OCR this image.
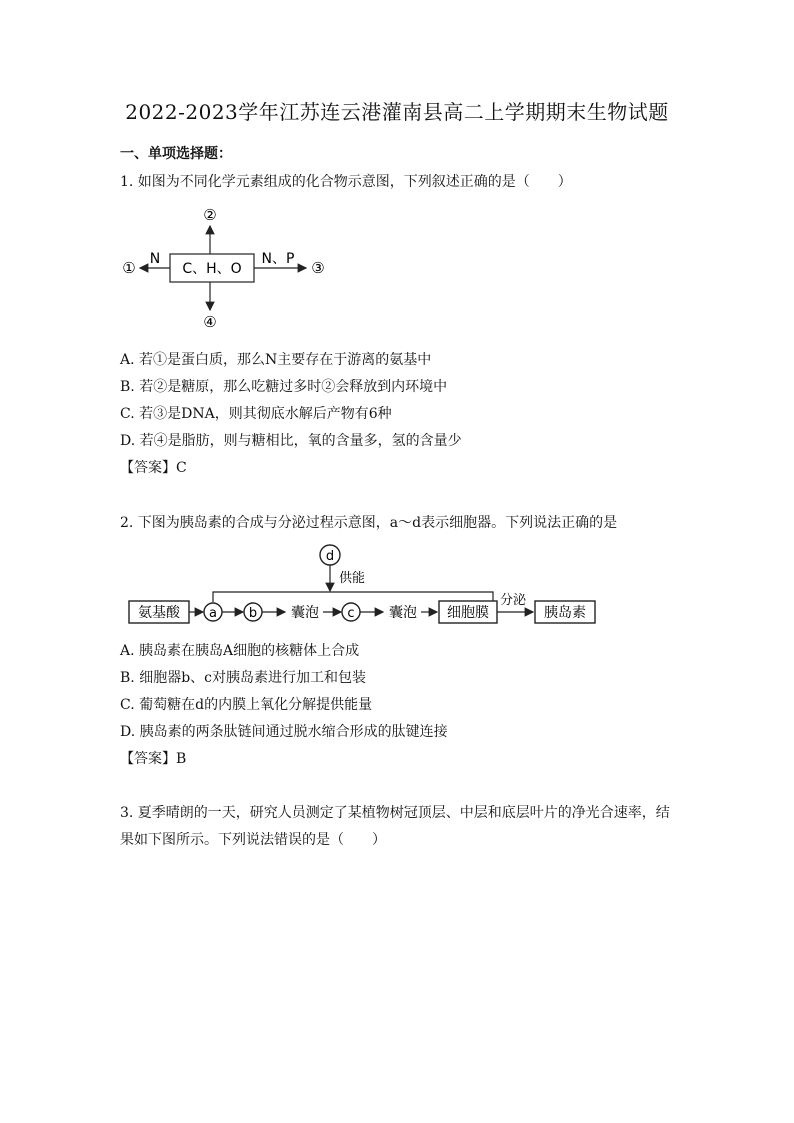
2022-2023学年江苏连云港灌南县高二上学期期末生物试题
一、单项选择题：
1. 如图为不同化学元素组成的化合物示意图，下列叙述正确的是（　　）
C、H、O
②
④
N
①	N、P ③
A. 若①是蛋白质，那么N主要存在于游离的氨基中
B. 若②是糖原，那么吃糖过多时②会释放到内环境中
C. 若③是DNA，则其彻底水解后产物有6种
D. 若④是脂肪，则与糖相比，氧的含量多，氢的含量少
【答案】C
2. 下图为胰岛素的合成与分泌过程示意图，a～d表示细胞器。下列说法正确的是
d
供能
氨基酸 a b 囊泡 c 囊泡 细胞膜
分泌
胰岛素
A. 胰岛素在胰岛A细胞的核糖体上合成
B. 细胞器b、c对胰岛素进行加工和包装
C. 葡萄糖在d的内膜上氧化分解提供能量
D. 胰岛素的两条肽链间通过脱水缩合形成的肽键连接
【答案】B
3. 夏季晴朗的一天，研究人员测定了某植物树冠顶层、中层和底层叶片的净光合速率，结果如下图所示。下列说法错误的是（　　）
